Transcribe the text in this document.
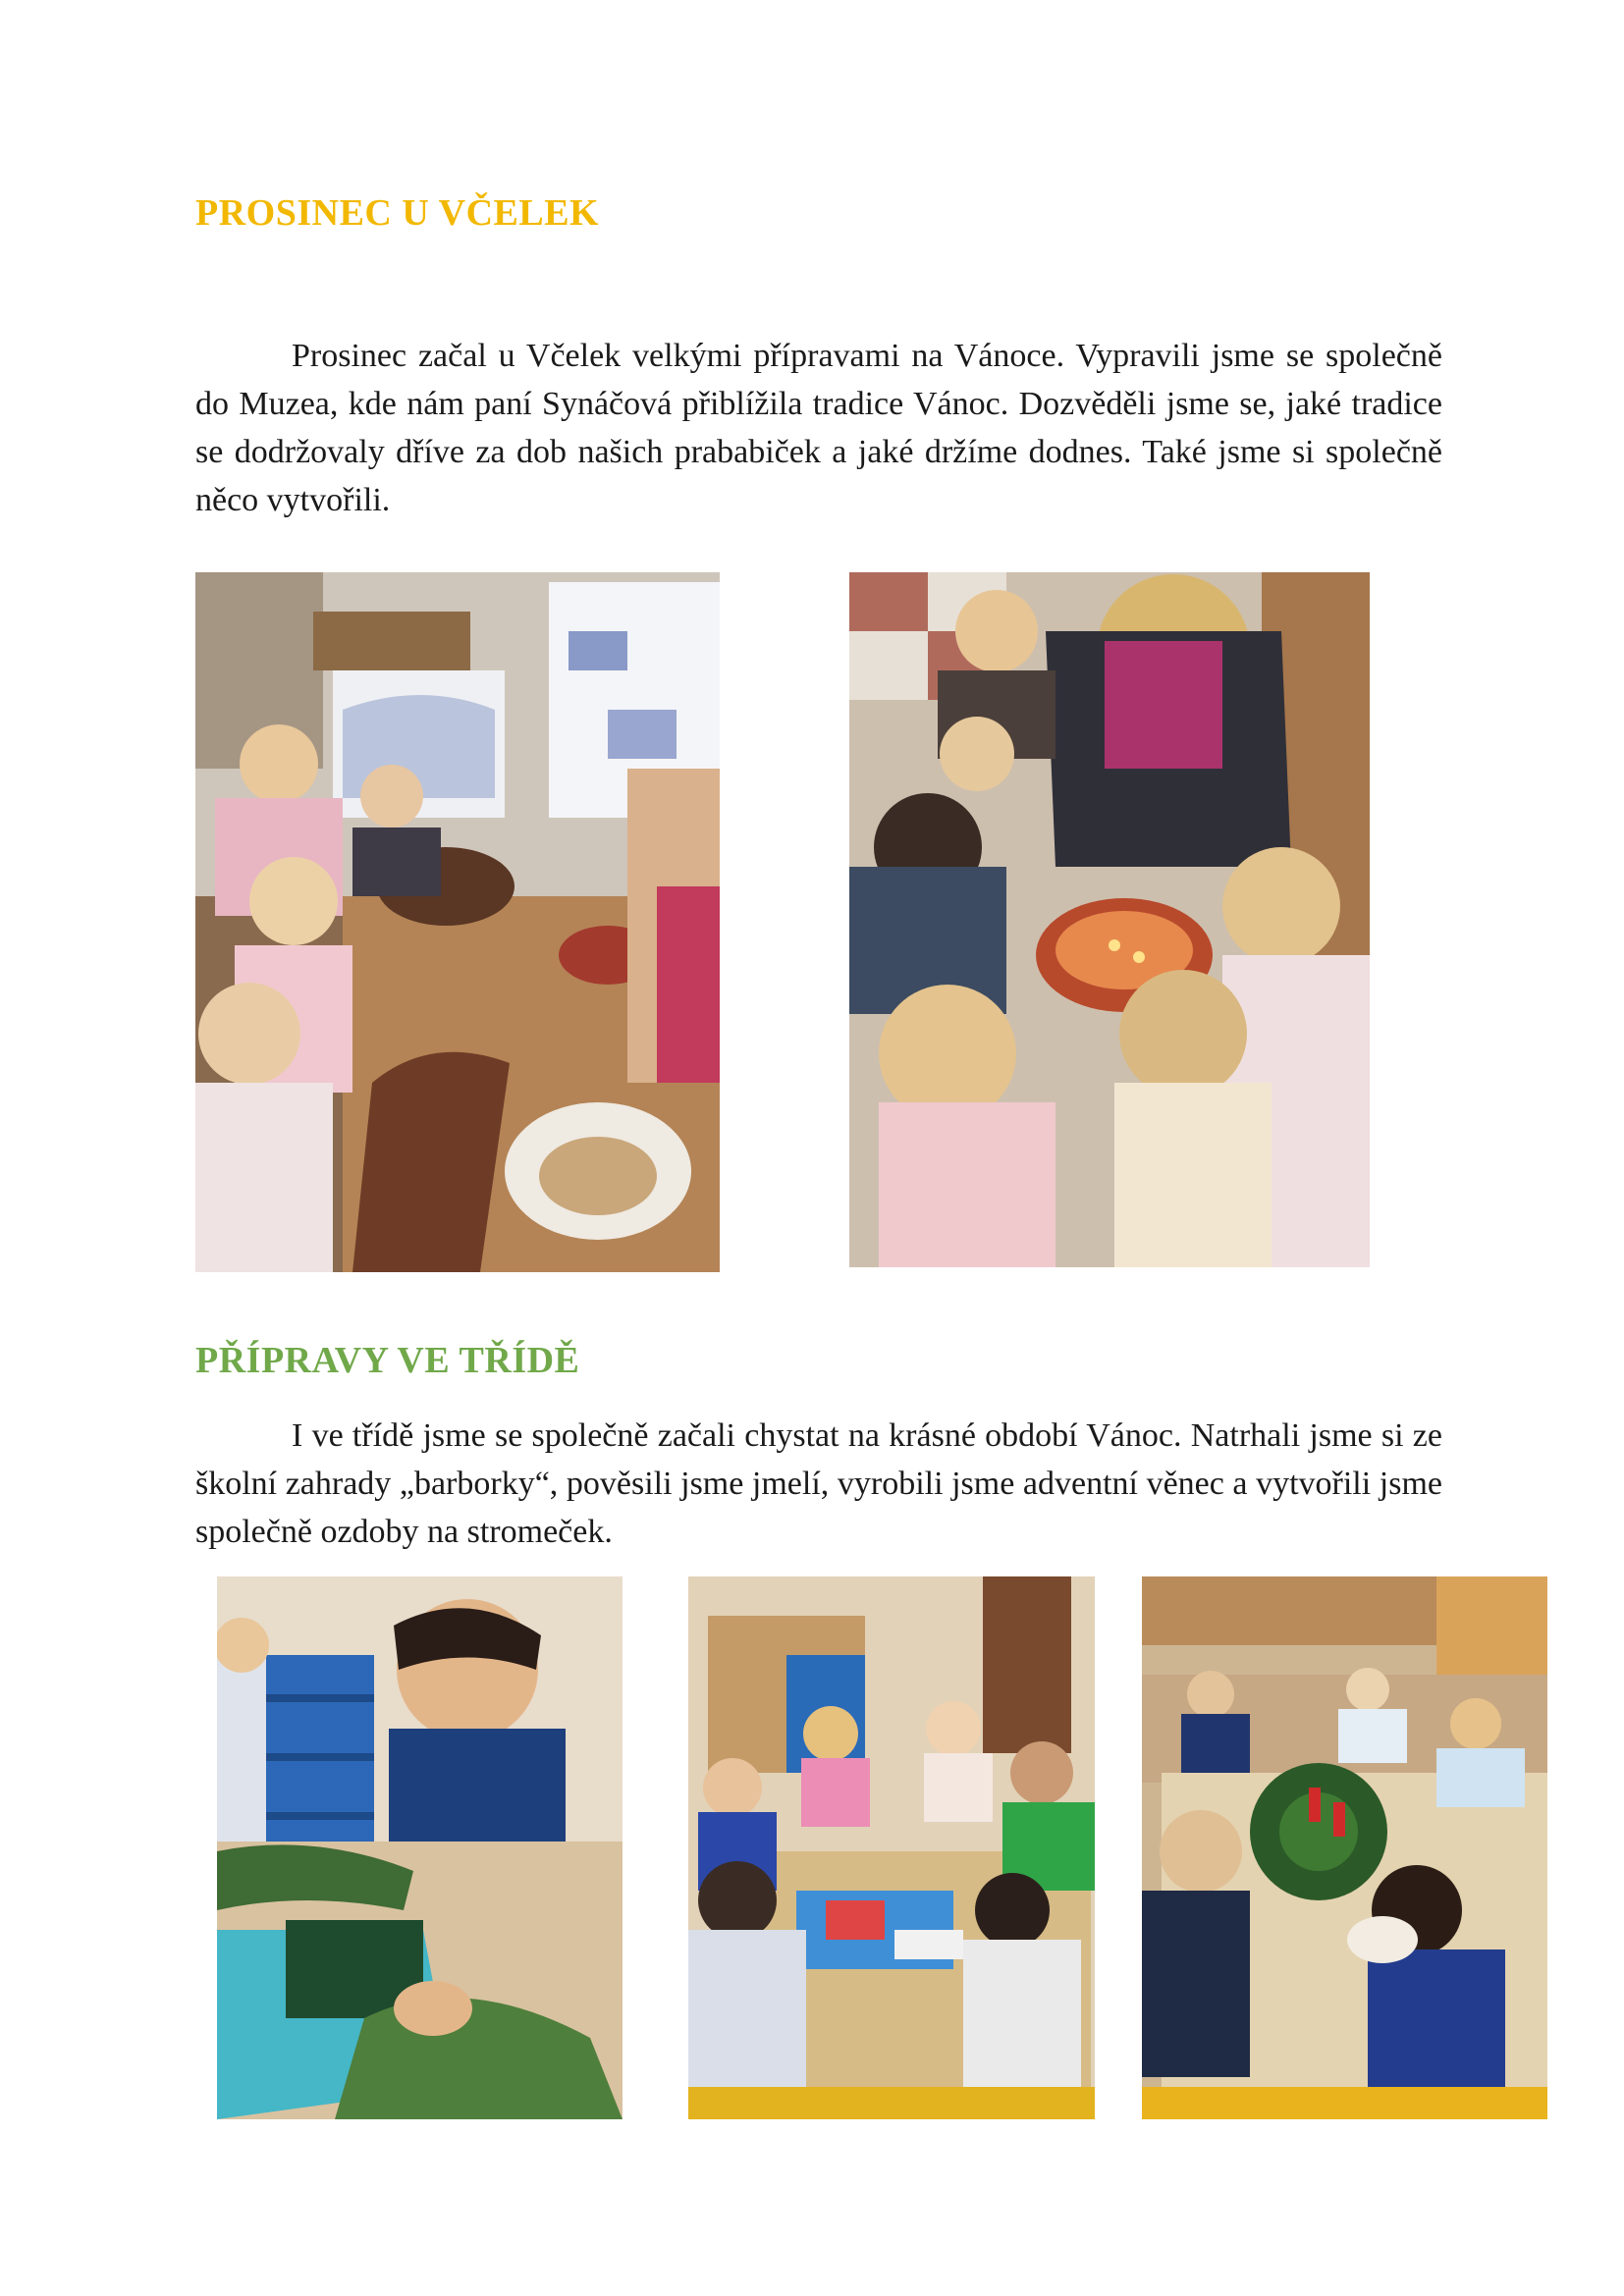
PROSINEC U VČELEK

Prosinec začal u Včelek velkými přípravami na Vánoce. Vypravili jsme se společně do Muzea, kde nám paní Synáčová přiblížila tradice Vánoc. Dozvěděli jsme se, jaké tradice se dodržovaly dříve za dob našich prababiček a jaké držíme dodnes. Také jsme si společně něco vytvořili.

PŘÍPRAVY VE TŘÍDĚ

I ve třídě jsme se společně začali chystat na krásné období Vánoc. Natrhali jsme si ze školní zahrady „barborky“, pověsili jsme jmelí, vyrobili jsme adventní věnec a vytvořili jsme společně ozdoby na stromeček.
